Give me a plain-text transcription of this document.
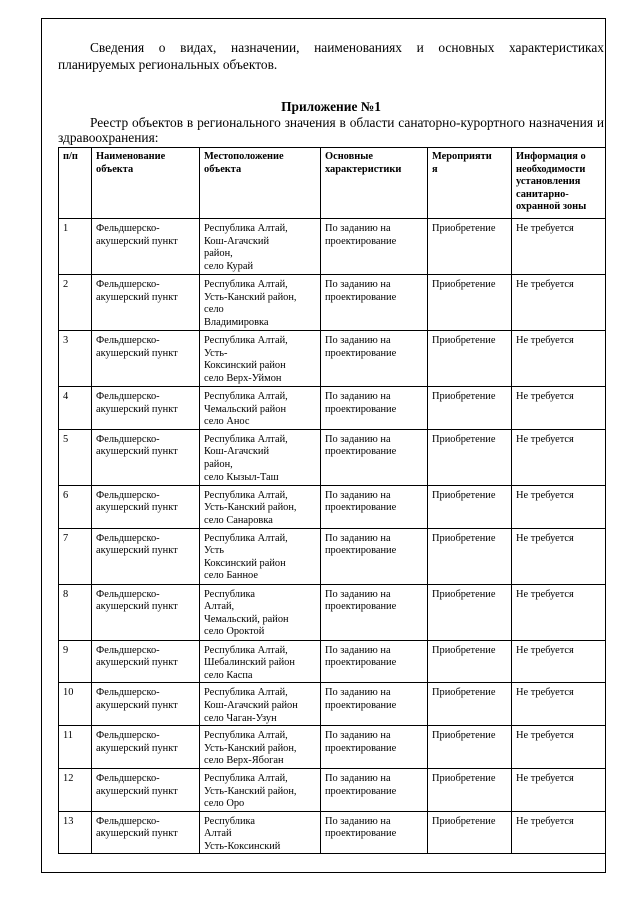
Сведения о видах, назначении, наименованиях и основных характеристиках планируемых региональных объектов.

Приложение №1

Реестр объектов в регионального значения в области санаторно-курортного назначения и здравоохранения:

п/п	Наименование
объекта	Местоположение
объекта	Основные
характеристики	Мероприяти
я	Информация о
необходимости
установления
санитарно-
охранной зоны

1	Фельдшерско-
акушерский пункт	Республика Алтай,
Кош-Агачский
район,
село Курай	По заданию на
проектирование	Приобретение	Не требуется

2	Фельдшерско-
акушерский пункт	Республика Алтай,
Усть-Канский район,
село
Владимировка	По заданию на
проектирование	Приобретение	Не требуется

3	Фельдшерско-
акушерский пункт	Республика Алтай,
Усть-
Коксинский район
село Верх-Уймон	По заданию на
проектирование	Приобретение	Не требуется

4	Фельдшерско-
акушерский пункт	Республика Алтай,
Чемальский район
село Анос	По заданию на
проектирование	Приобретение	Не требуется

5	Фельдшерско-
акушерский пункт	Республика Алтай,
Кош-Агачский
район,
село Кызыл-Таш	По заданию на
проектирование	Приобретение	Не требуется

6	Фельдшерско-
акушерский пункт	Республика Алтай,
Усть-Канский район,
село Санаровка	По заданию на
проектирование	Приобретение	Не требуется

7	Фельдшерско-
акушерский пункт	Республика Алтай,
Усть
Коксинский район
село Банное	По заданию на
проектирование	Приобретение	Не требуется

8	Фельдшерско-
акушерский пункт	Республика
Алтай,
Чемальский, район
село Ороктой	По заданию на
проектирование	Приобретение	Не требуется

9	Фельдшерско-
акушерский пункт	Республика Алтай,
Шебалинский район
село Каспа	По заданию на
проектирование	Приобретение	Не требуется

10	Фельдшерско-
акушерский пункт	Республика Алтай,
Кош-Агачский район
село Чаган-Узун	По заданию на
проектирование	Приобретение	Не требуется

11	Фельдшерско-
акушерский пункт	Республика Алтай,
Усть-Канский район,
село Верх-Ябоган	По заданию на
проектирование	Приобретение	Не требуется

12	Фельдшерско-
акушерский пункт	Республика Алтай,
Усть-Канский район,
село Оро	По заданию на
проектирование	Приобретение	Не требуется

13	Фельдшерско-
акушерский пункт	Республика
Алтай
Усть-Коксинский	По заданию на
проектирование	Приобретение	Не требуется
